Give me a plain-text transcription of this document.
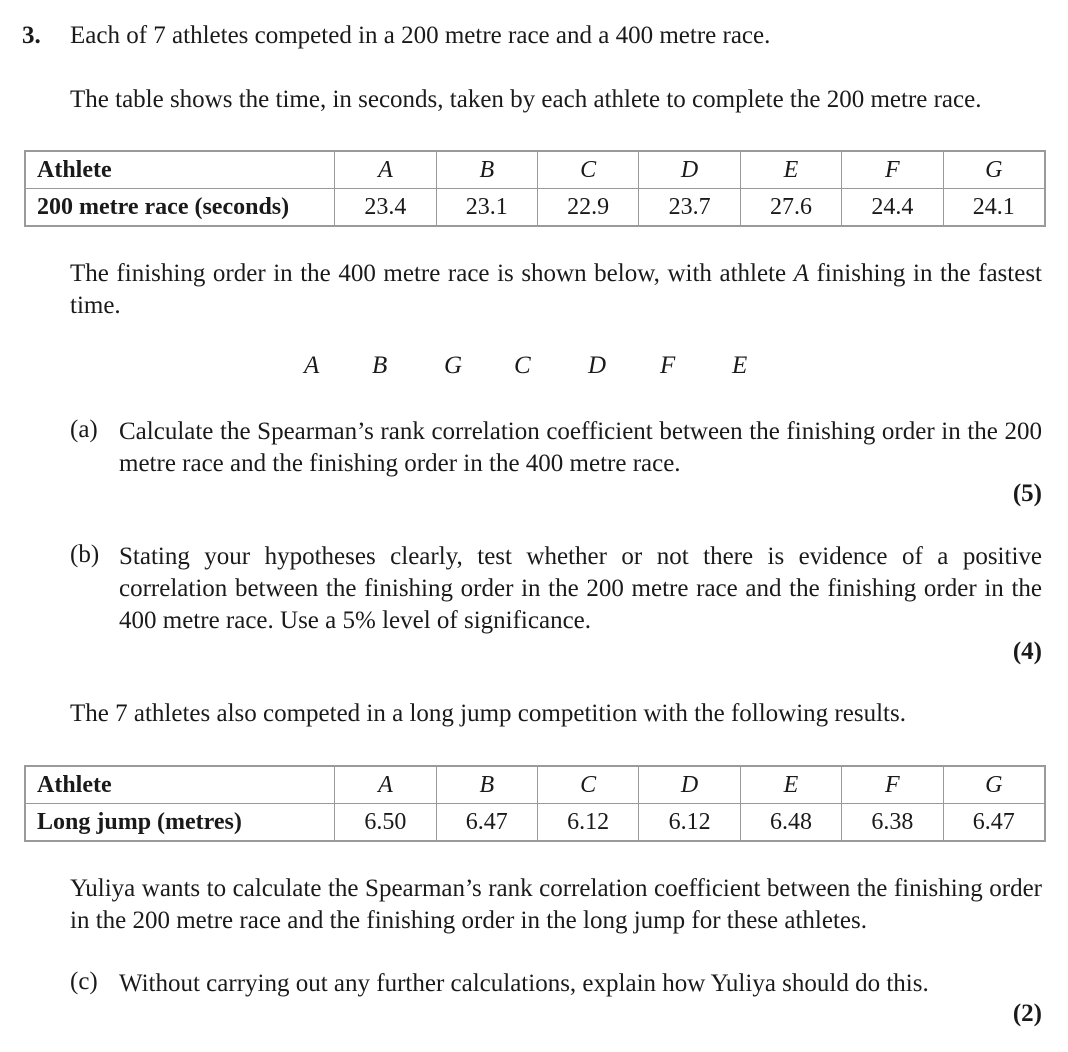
3. Each of 7 athletes competed in a 200 metre race and a 400 metre race.
The table shows the time, in seconds, taken by each athlete to complete the 200 metre race.
Athlete	A	B	C	D	E	F	G
200 metre race (seconds)	23.4	23.1	22.9	23.7	27.6	24.4	24.1
The finishing order in the 400 metre race is shown below, with athlete A finishing in the fastest time.
A B G C D F E
(a) Calculate the Spearman’s rank correlation coefficient between the finishing order in the 200 metre race and the finishing order in the 400 metre race.
(5)
(b) Stating your hypotheses clearly, test whether or not there is evidence of a positive correlation between the finishing order in the 200 metre race and the finishing order in the 400 metre race. Use a 5% level of significance.
(4)
The 7 athletes also competed in a long jump competition with the following results.
Athlete	A	B	C	D	E	F	G
Long jump (metres)	6.50	6.47	6.12	6.12	6.48	6.38	6.47
Yuliya wants to calculate the Spearman’s rank correlation coefficient between the finishing order in the 200 metre race and the finishing order in the long jump for these athletes.
(c) Without carrying out any further calculations, explain how Yuliya should do this.
(2)
